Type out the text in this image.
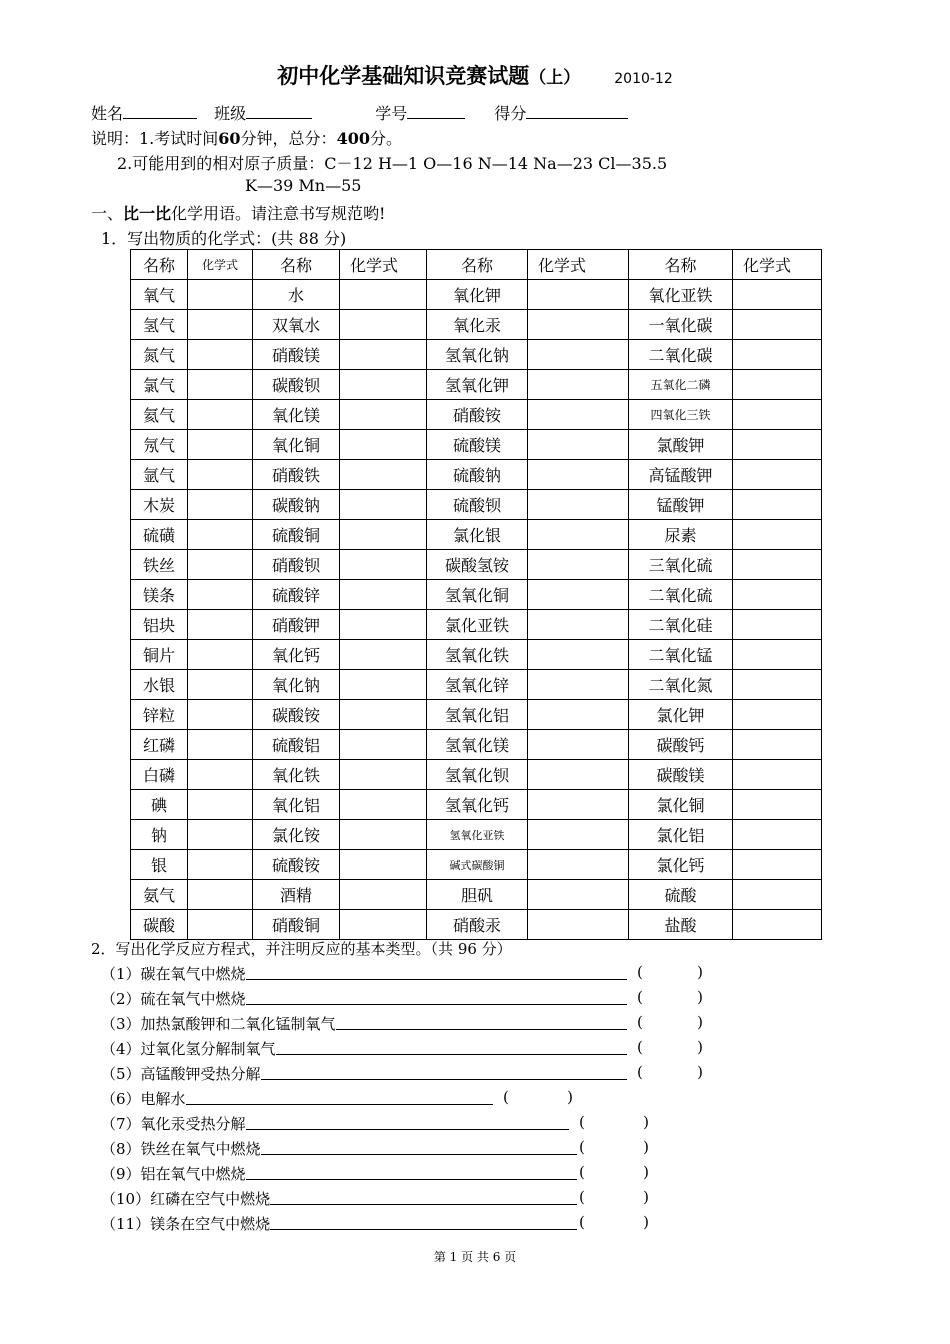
初中化学基础知识竞赛试题（上） 2010-12
姓名	班级	学号	得分
说明：1.考试时间60分钟，总分：400分。
2.可能用到的相对原子质量：C－12 H—1 O—16 N—14 Na—23 Cl—35.5
K—39 Mn—55
一、比一比化学用语。请注意书写规范哟!
1．写出物质的化学式：(共 88 分)
名称	化学式	名称	化学式	名称	化学式	名称	化学式
氧气		水		氧化钾		氧化亚铁	
氢气		双氧水		氧化汞		一氧化碳	
氮气		硝酸镁		氢氧化钠		二氧化碳	
氯气		碳酸钡		氢氧化钾		五氧化二磷	
氦气		氧化镁		硝酸铵		四氧化三铁	
氖气		氧化铜		硫酸镁		氯酸钾	
氩气		硝酸铁		硫酸钠		高锰酸钾	
木炭		碳酸钠		硫酸钡		锰酸钾	
硫磺		硫酸铜		氯化银		尿素	
铁丝		硝酸钡		碳酸氢铵		三氧化硫	
镁条		硫酸锌		氢氧化铜		二氧化硫	
铝块		硝酸钾		氯化亚铁		二氧化硅	
铜片		氧化钙		氢氧化铁		二氧化锰	
水银		氧化钠		氢氧化锌		二氧化氮	
锌粒		碳酸铵		氢氧化铝		氯化钾	
红磷		硫酸铝		氢氧化镁		碳酸钙	
白磷		氧化铁		氢氧化钡		碳酸镁	
碘		氧化铝		氢氧化钙		氯化铜	
钠		氯化铵		氢氧化亚铁		氯化铝	
银		硫酸铵		碱式碳酸铜		氯化钙	
氨气		酒精		胆矾		硫酸	
碳酸		硝酸铜		硝酸汞		盐酸	
2．写出化学反应方程式，并注明反应的基本类型。（共 96 分）
（1）碳在氧气中燃烧	(	)
（2）硫在氧气中燃烧	(	)
（3）加热氯酸钾和二氧化锰制氧气	(	)
（4）过氧化氢分解制氧气	(	)
（5）高锰酸钾受热分解	(	)
（6）电解水	(	)
（7）氧化汞受热分解	(	)
（8）铁丝在氧气中燃烧	(	)
（9）铝在氧气中燃烧	(	)
（10）红磷在空气中燃烧	(	)
（11）镁条在空气中燃烧	(	)
第 1 页 共 6 页
